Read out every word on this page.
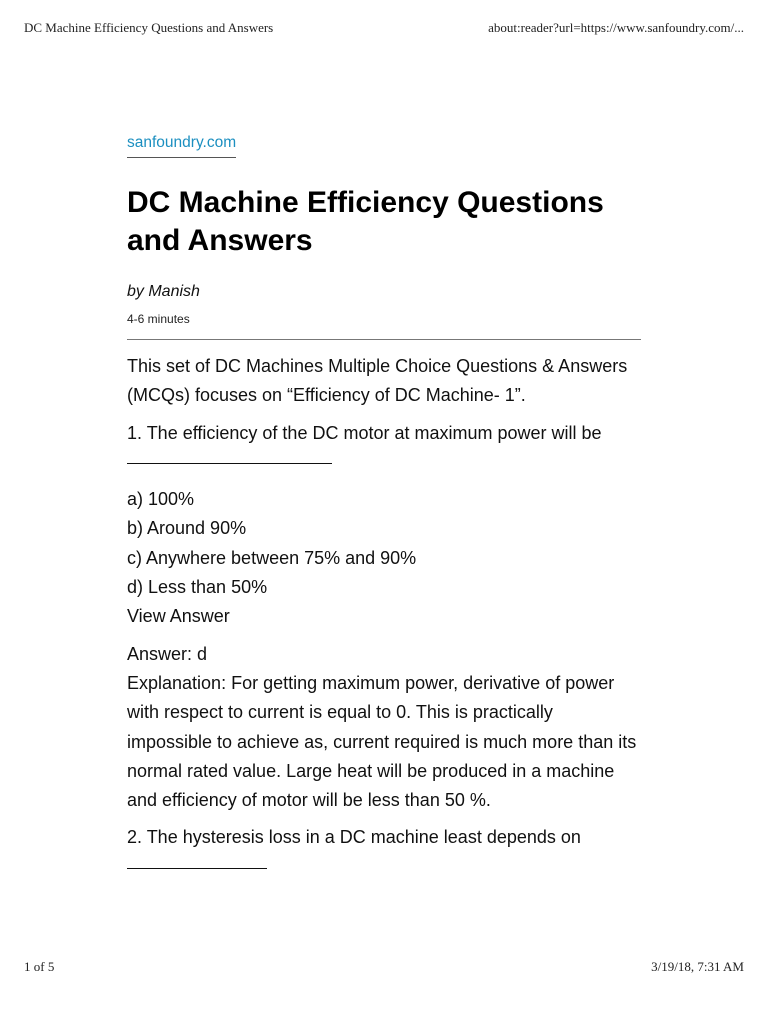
DC Machine Efficiency Questions and Answers	about:reader?url=https://www.sanfoundry.com/...
sanfoundry.com
DC Machine Efficiency Questions and Answers
by Manish
4-6 minutes

This set of DC Machines Multiple Choice Questions & Answers (MCQs) focuses on “Efficiency of DC Machine- 1”.

1. The efficiency of the DC motor at maximum power will be

a) 100%
b) Around 90%
c) Anywhere between 75% and 90%
d) Less than 50%
View Answer

Answer: d
Explanation: For getting maximum power, derivative of power with respect to current is equal to 0. This is practically impossible to achieve as, current required is much more than its normal rated value. Large heat will be produced in a machine and efficiency of motor will be less than 50 %.

2. The hysteresis loss in a DC machine least depends on

1 of 5	3/19/18, 7:31 AM
